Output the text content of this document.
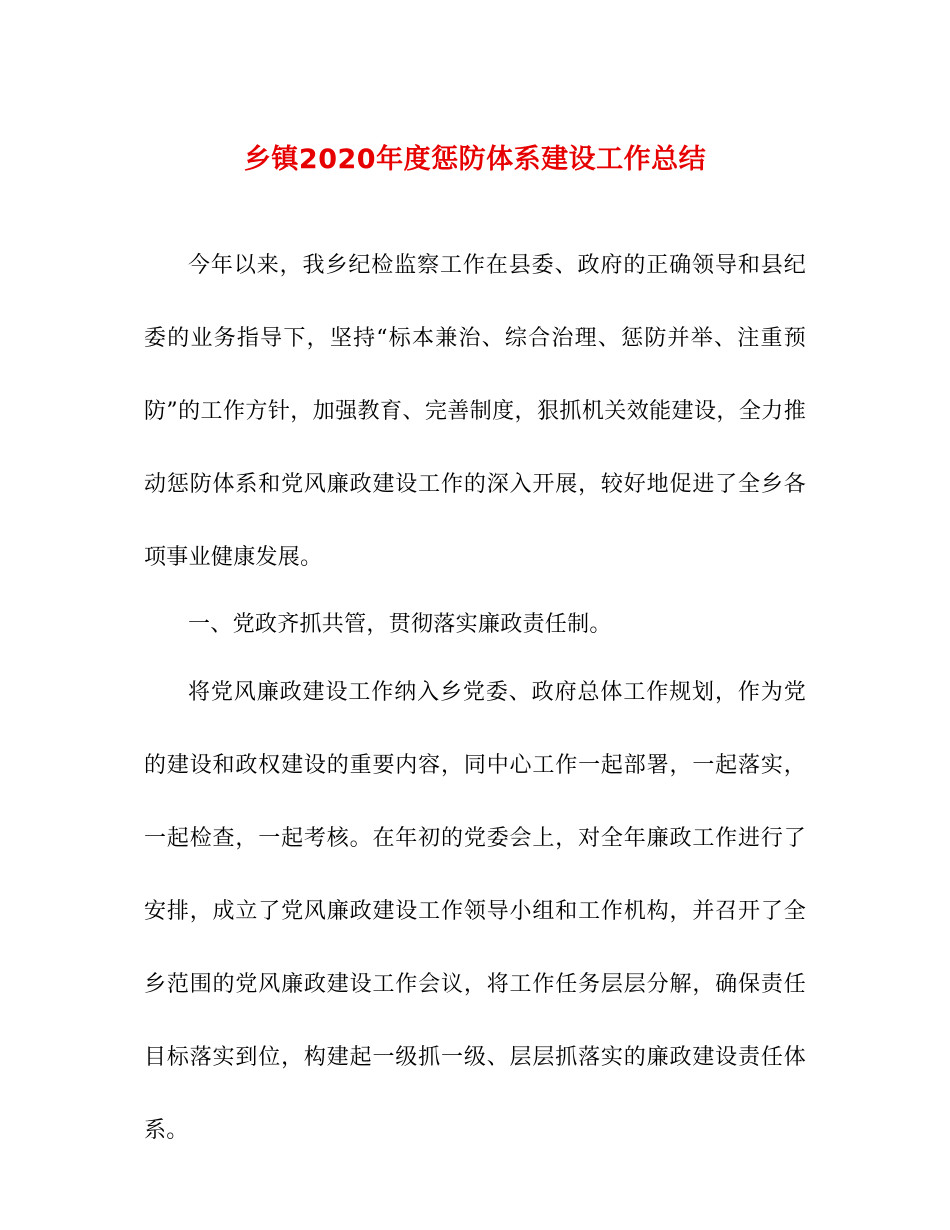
乡镇2020年度惩防体系建设工作总结

今年以来，我乡纪检监察工作在县委、政府的正确领导和县纪委的业务指导下，坚持“标本兼治、综合治理、惩防并举、注重预防”的工作方针，加强教育、完善制度，狠抓机关效能建设，全力推动惩防体系和党风廉政建设工作的深入开展，较好地促进了全乡各项事业健康发展。

一、党政齐抓共管，贯彻落实廉政责任制。

将党风廉政建设工作纳入乡党委、政府总体工作规划，作为党的建设和政权建设的重要内容，同中心工作一起部署，一起落实，一起检查，一起考核。在年初的党委会上，对全年廉政工作进行了安排，成立了党风廉政建设工作领导小组和工作机构，并召开了全乡范围的党风廉政建设工作会议，将工作任务层层分解，确保责任目标落实到位，构建起一级抓一级、层层抓落实的廉政建设责任体系。
